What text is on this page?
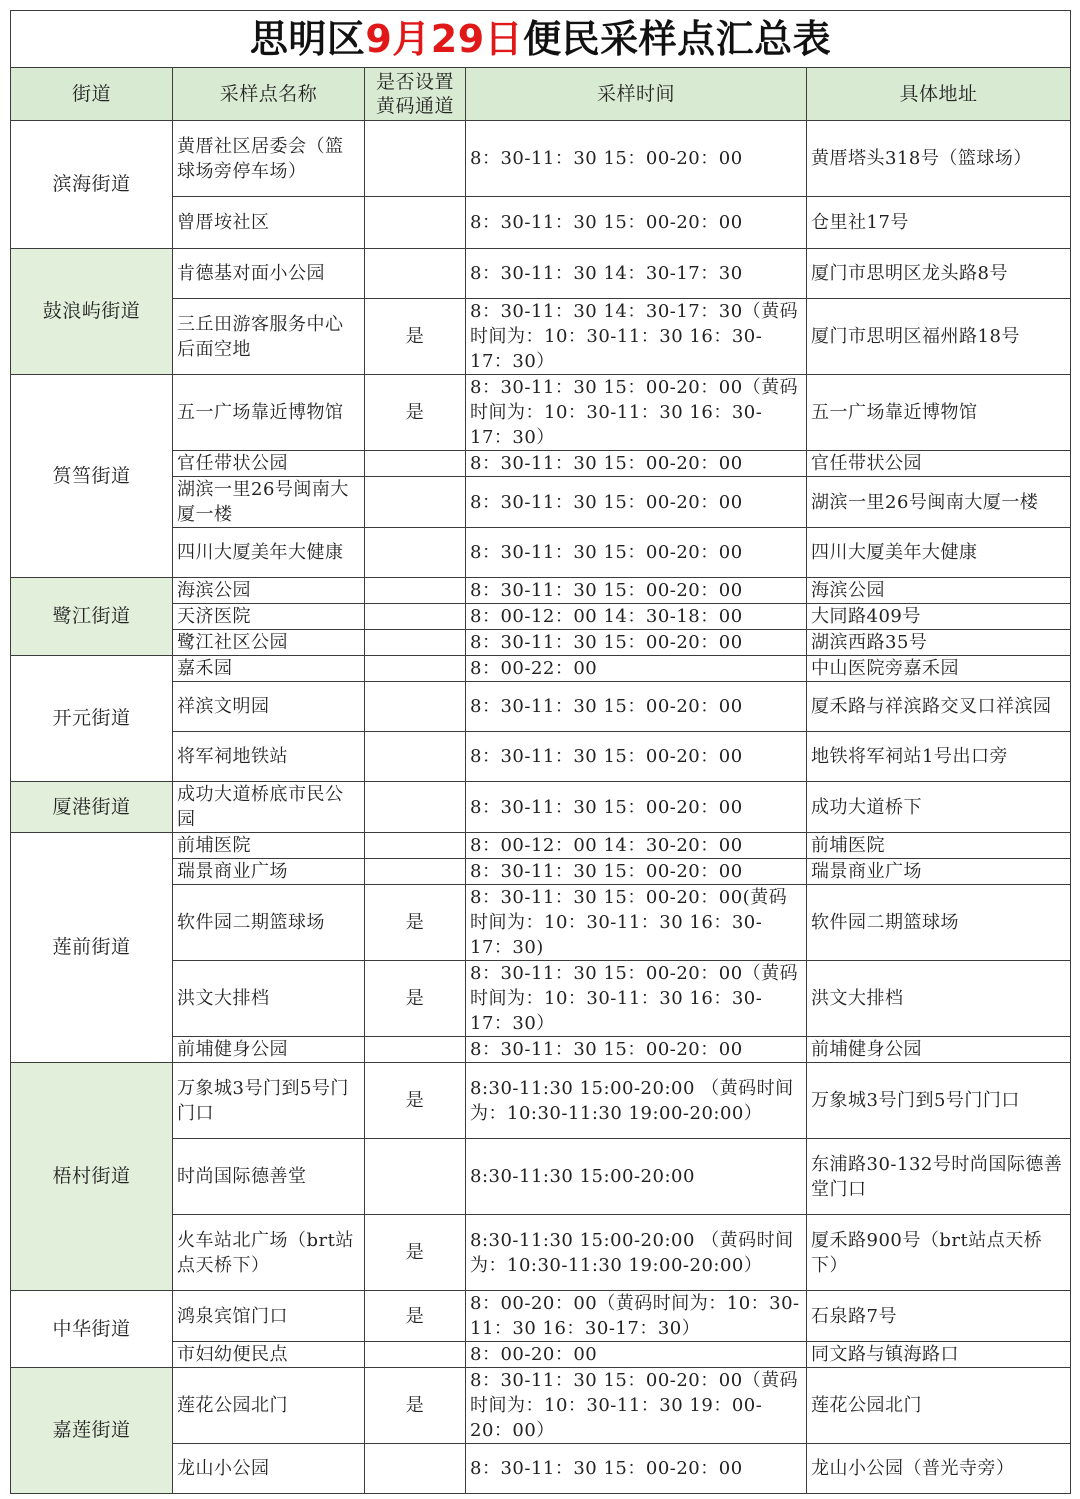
思明区9月29日便民采样点汇总表				
街道	采样点名称	是否设置黄码通道	采样时间	具体地址
滨海街道	黄厝社区居委会（篮球场旁停车场）		8：30-11：30 15：00-20：00	黄厝塔头318号（篮球场）
	曾厝垵社区		8：30-11：30 15：00-20：00	仓里社17号
鼓浪屿街道	肯德基对面小公园		8：30-11：30 14：30-17：30	厦门市思明区龙头路8号
	三丘田游客服务中心后面空地	是	8：30-11：30 14：30-17：30（黄码时间为：10：30-11：30 16：30-17：30）	厦门市思明区福州路18号
筼筜街道	五一广场靠近博物馆	是	8：30-11：30 15：00-20：00（黄码时间为：10：30-11：30 16：30-17：30）	五一广场靠近博物馆
	官任带状公园		8：30-11：30 15：00-20：00	官任带状公园
	湖滨一里26号闽南大厦一楼		8：30-11：30 15：00-20：00	湖滨一里26号闽南大厦一楼
	四川大厦美年大健康		8：30-11：30 15：00-20：00	四川大厦美年大健康
鹭江街道	海滨公园		8：30-11：30 15：00-20：00	海滨公园
	天济医院		8：00-12：00 14：30-18：00	大同路409号
	鹭江社区公园		8：30-11：30 15：00-20：00	湖滨西路35号
开元街道	嘉禾园		8：00-22：00	中山医院旁嘉禾园
	祥滨文明园		8：30-11：30 15：00-20：00	厦禾路与祥滨路交叉口祥滨园
	将军祠地铁站		8：30-11：30 15：00-20：00	地铁将军祠站1号出口旁
厦港街道	成功大道桥底市民公园		8：30-11：30 15：00-20：00	成功大道桥下
莲前街道	前埔医院		8：00-12：00 14：30-20：00	前埔医院
	瑞景商业广场		8：30-11：30 15：00-20：00	瑞景商业广场
	软件园二期篮球场	是	8：30-11：30 15：00-20：00(黄码时间为：10：30-11：30 16：30-17：30)	软件园二期篮球场
	洪文大排档	是	8：30-11：30 15：00-20：00（黄码时间为：10：30-11：30 16：30-17：30）	洪文大排档
	前埔健身公园		8：30-11：30 15：00-20：00	前埔健身公园
梧村街道	万象城3号门到5号门门口	是	8:30-11:30 15:00-20:00 （黄码时间为：10:30-11:30 19:00-20:00）	万象城3号门到5号门门口
	时尚国际德善堂		8:30-11:30 15:00-20:00	东浦路30-132号时尚国际德善堂门口
	火车站北广场（brt站点天桥下）	是	8:30-11:30 15:00-20:00 （黄码时间为：10:30-11:30 19:00-20:00）	厦禾路900号（brt站点天桥下）
中华街道	鸿泉宾馆门口	是	8：00-20：00（黄码时间为：10：30-11：30 16：30-17：30）	石泉路7号
	市妇幼便民点		8：00-20：00	同文路与镇海路口
嘉莲街道	莲花公园北门	是	8：30-11：30 15：00-20：00（黄码时间为：10：30-11：30 19：00-20：00）	莲花公园北门
	龙山小公园		8：30-11：30 15：00-20：00	龙山小公园（普光寺旁）
